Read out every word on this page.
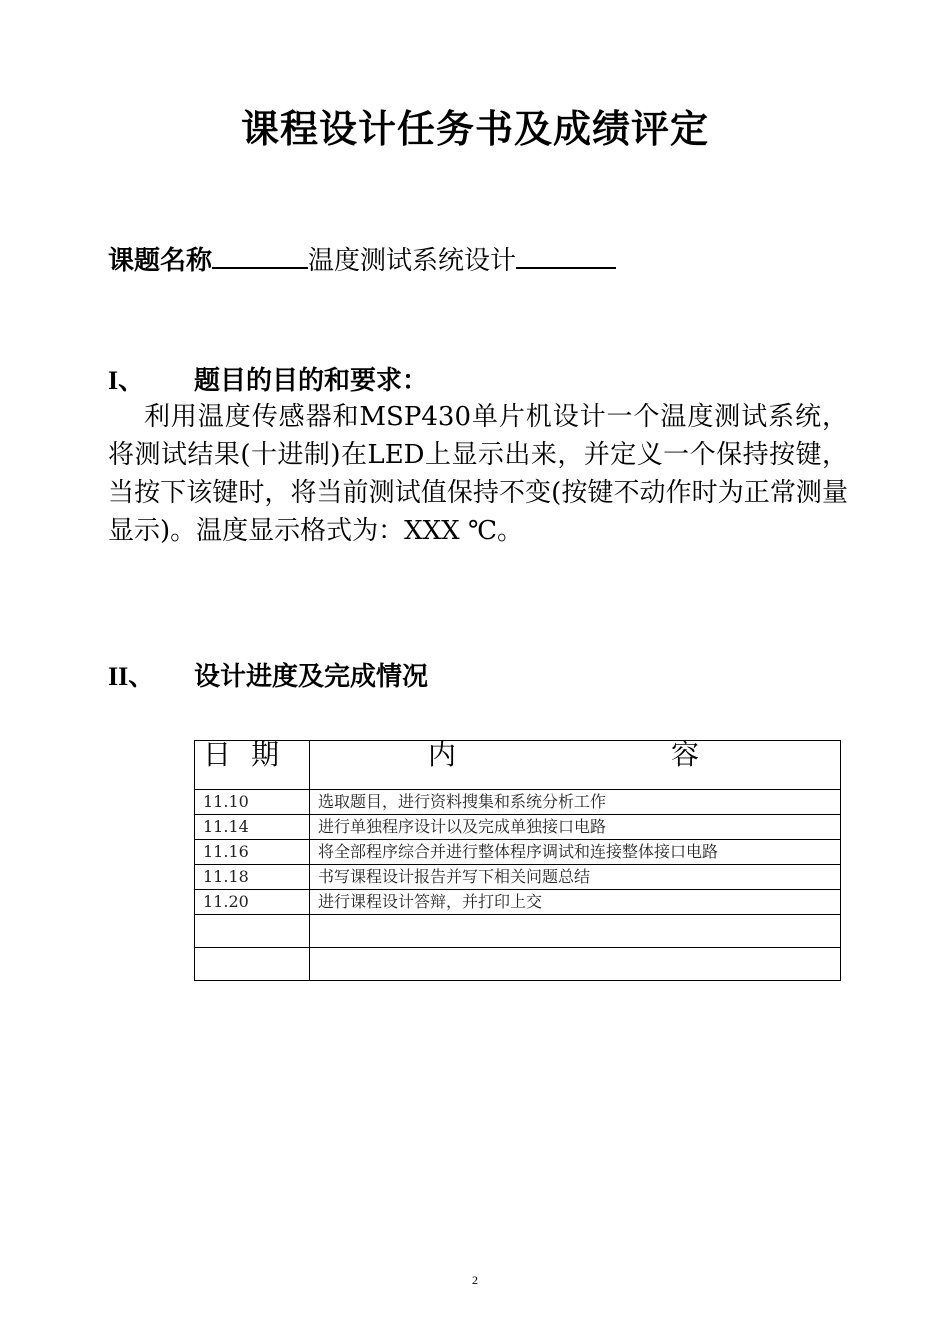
课程设计任务书及成绩评定
课题名称	温度测试系统设计
I、 题目的目的和要求：
利用温度传感器和MSP430单片机设计一个温度测试系统，将测试结果(十进制)在LED上显示出来，并定义一个保持按键，当按下该键时，将当前测试值保持不变(按键不动作时为正常测量显示)。温度显示格式为：XXX ℃。
II、 设计进度及完成情况
日期	内 容
11.10	选取题目，进行资料搜集和系统分析工作
11.14	进行单独程序设计以及完成单独接口电路
11.16	将全部程序综合并进行整体程序调试和连接整体接口电路
11.18	书写课程设计报告并写下相关问题总结
11.20	进行课程设计答辩，并打印上交

2
